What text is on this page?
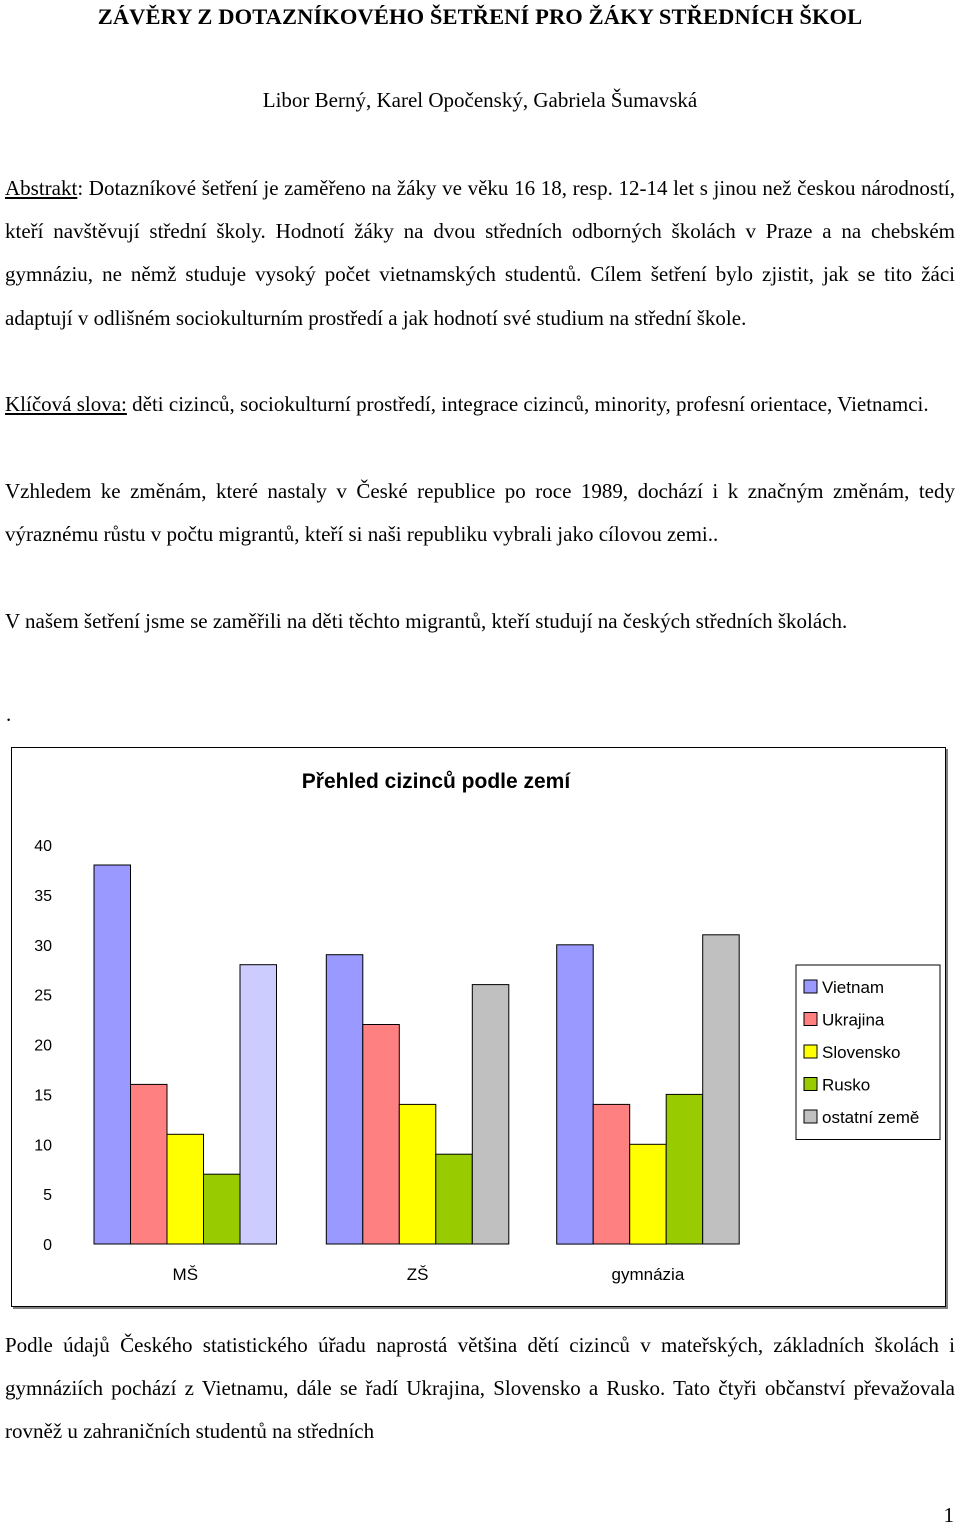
ZÁVĚRY Z DOTAZNÍKOVÉHO ŠETŘENÍ PRO ŽÁKY STŘEDNÍCH ŠKOL
Libor Berný, Karel Opočenský, Gabriela Šumavská
Abstrakt: Dotazníkové šetření je zaměřeno na žáky ve věku 16 18, resp. 12-14 let s jinou než českou národností, kteří navštěvují střední školy. Hodnotí žáky na dvou středních odborných školách v Praze a na chebském gymnáziu, ne němž studuje vysoký počet vietnamských studentů. Cílem šetření bylo zjistit, jak se tito žáci adaptují v odlišném sociokulturním prostředí a jak hodnotí své studium na střední škole.
Klíčová slova: děti cizinců, sociokulturní prostředí, integrace cizinců, minority, profesní orientace, Vietnamci.
Vzhledem ke změnám, které nastaly v České republice po roce 1989, dochází i k značným změnám, tedy výraznému růstu v počtu migrantů, kteří si naši republiku vybrali jako cílovou zemi..
V našem šetření jsme se zaměřili na děti těchto migrantů, kteří studují na českých středních školách.
.
Přehled cizinců podle zemí
0
5
10
15
20
25
30
35
40
MŠ	ZŠ	gymnázia
Vietnam
Ukrajina
Slovensko
Rusko
ostatní země
Podle údajů Českého statistického úřadu naprostá většina dětí cizinců v mateřských, základních školách i gymnáziích pochází z Vietnamu, dále se řadí Ukrajina, Slovensko a Rusko. Tato čtyři občanství převažovala rovněž u zahraničních studentů na středních
1
